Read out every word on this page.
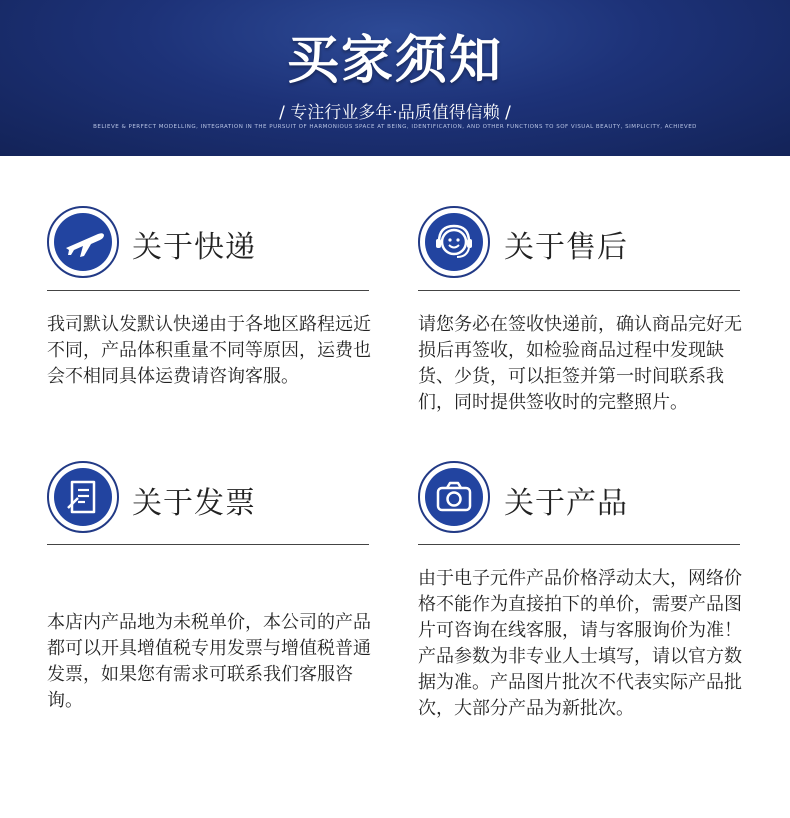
买家须知
/ 专注行业多年·品质值得信赖 /
BELIEVE & PERFECT MODELLING, INTEGRATION IN THE PURSUIT OF HARMONIOUS SPACE AT BEING, IDENTIFICATION, AND OTHER FUNCTIONS TO SOF VISUAL BEAUTY, SIMPLICITY, ACHIEVED
关于快递
我司默认发默认快递由于各地区路程远近不同，产品体积重量不同等原因，运费也会不相同具体运费请咨询客服。
关于售后
请您务必在签收快递前，确认商品完好无损后再签收，如检验商品过程中发现缺货、少货，可以拒签并第一时间联系我们，同时提供签收时的完整照片。
关于发票
本店内产品地为未税单价，本公司的产品都可以开具增值税专用发票与增值税普通发票，如果您有需求可联系我们客服咨询。
关于产品
由于电子元件产品价格浮动太大，网络价格不能作为直接拍下的单价，需要产品图片可咨询在线客服，请与客服询价为准！产品参数为非专业人士填写，请以官方数据为准。产品图片批次不代表实际产品批次，大部分产品为新批次。
